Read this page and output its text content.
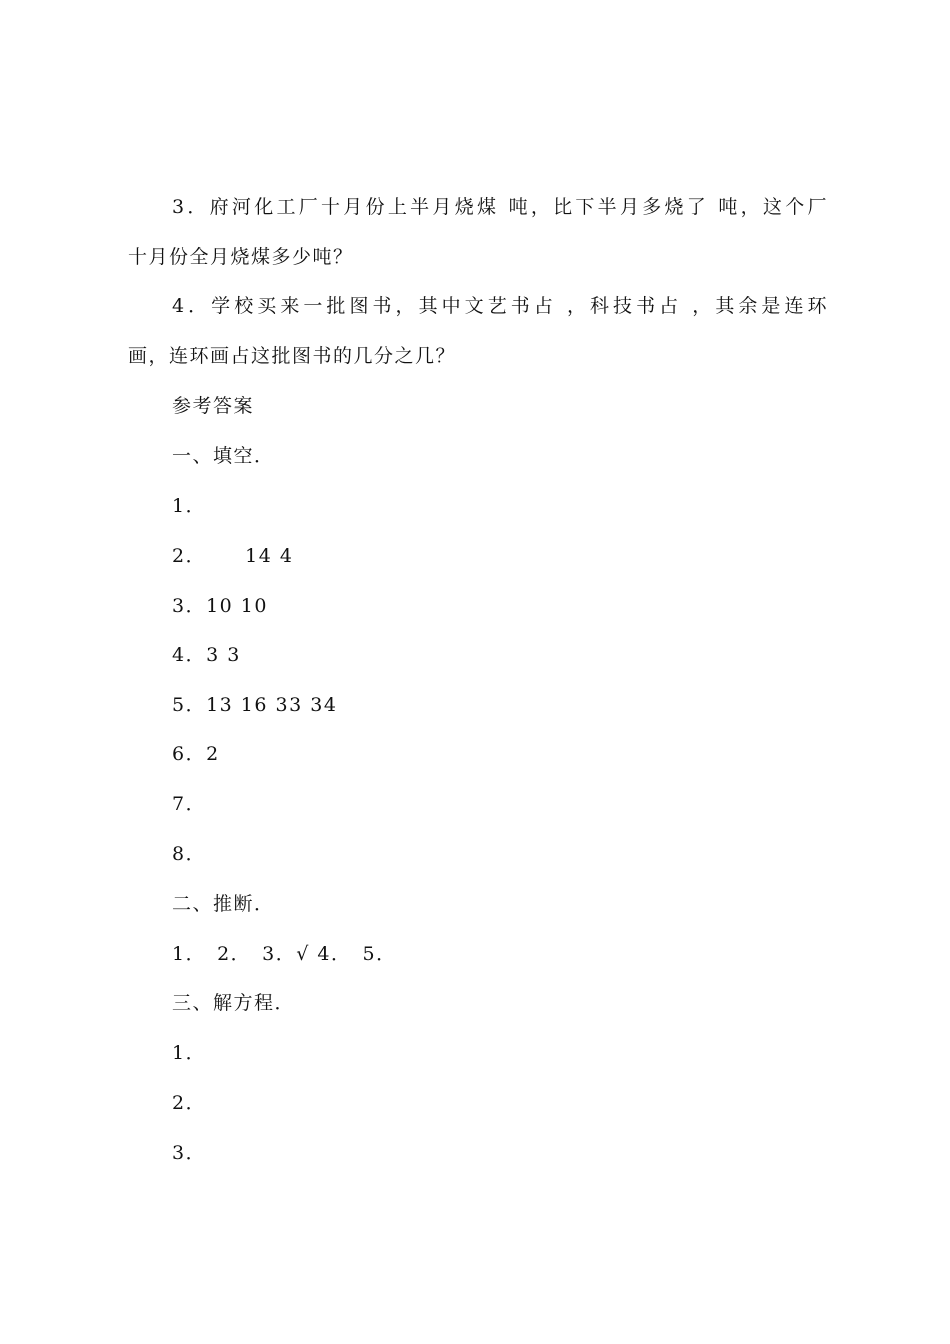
3．府河化工厂十月份上半月烧煤 吨，比下半月多烧了 吨，这个厂
十月份全月烧煤多少吨？
4．学校买来一批图书，其中文艺书占 ，科技书占 ，其余是连环
画，连环画占这批图书的几分之几？
参考答案
一、填空．
1．
2．　　 14 4
3．10 10
4．3 3
5．13 16 33 34
6．2
7．
8．
二、推断．
1．　2．　3．√ 4．　5．
三、解方程．
1．
2．
3．
